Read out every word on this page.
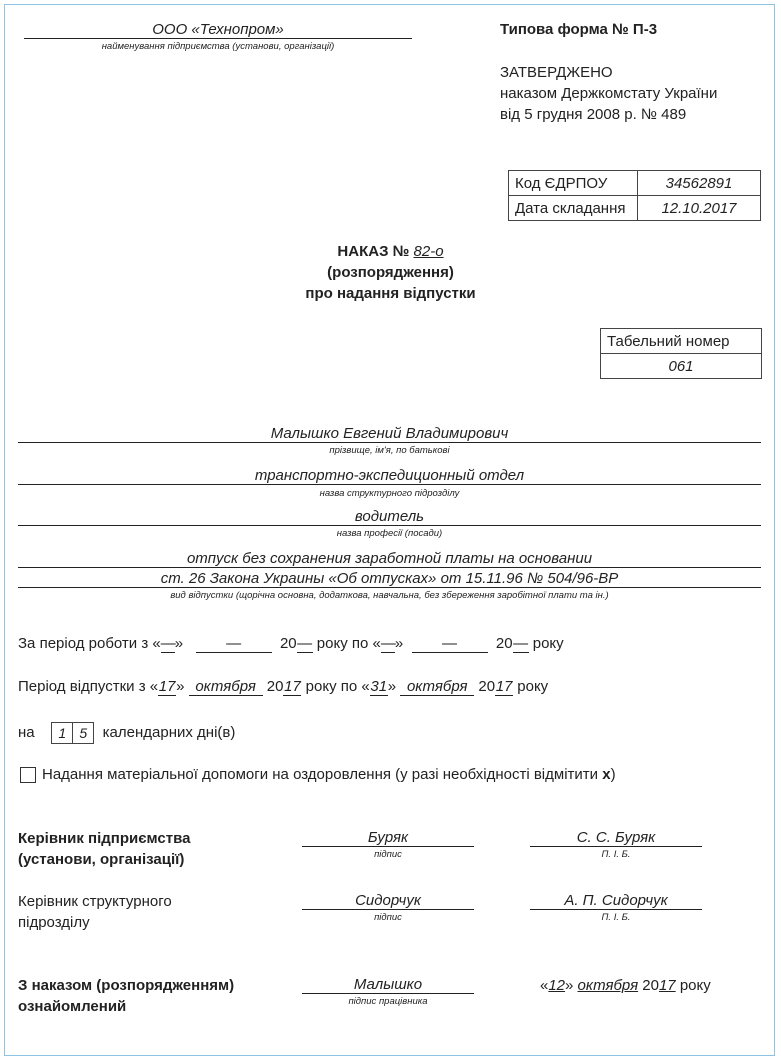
ООО «Технопром»
найменування підприємства (установи, організації)
Типова форма № П-3
ЗАТВЕРДЖЕНО
наказом Держкомстату України
від 5 грудня 2008 р. № 489
Код ЄДРПОУ	34562891
Дата складання	12.10.2017
НАКАЗ № 82-о
(розпорядження)
про надання відпустки
Табельний номер
061
Малышко Евгений Владимирович
прізвище, ім'я, по батькові
транспортно-экспедиционный отдел
назва структурного підрозділу
водитель
назва професії (посади)
отпуск без сохранения заработной платы на основании
ст. 26 Закона Украины «Об отпусках» от 15.11.96 № 504/96-ВР
вид відпустки (щорічна основна, додаткова, навчальна, без збереження заробітної плати та ін.)
За період роботи з «—»	—	20— року по «—»	—	20— року
Період відпустки з «17» октября 2017 року по «31» октября 2017 року
на 1 5 календарних дні(в)
Надання матеріальної допомоги на оздоровлення (у разі необхідності відмітити х)
Керівник підприємства
(установи, організації)
Буряк
підпис
С. С. Буряк
П. І. Б.
Керівник структурного
підрозділу
Сидорчук
підпис
А. П. Сидорчук
П. І. Б.
З наказом (розпорядженням)
ознайомлений
Малышко
підпис працівника
«12» октября 2017 року
